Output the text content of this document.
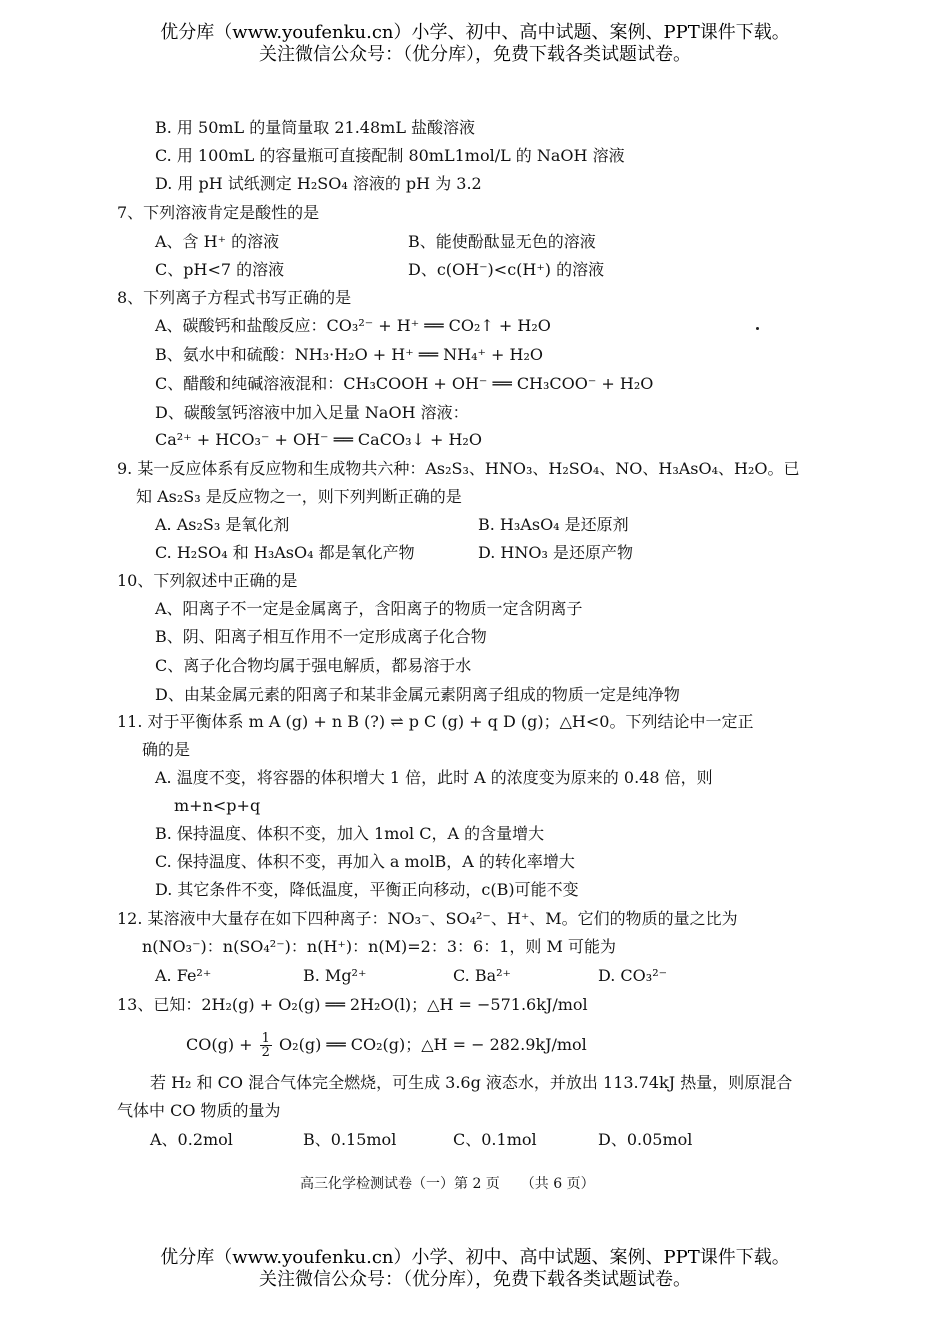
优分库（www.youfenku.cn）小学、初中、高中试题、案例、PPT课件下载。
关注微信公众号：（优分库），免费下载各类试题试卷。
B. 用 50mL 的量筒量取 21.48mL 盐酸溶液
C. 用 100mL 的容量瓶可直接配制 80mL1mol/L 的 NaOH 溶液
D. 用 pH 试纸测定 H₂SO₄ 溶液的 pH 为 3.2
7、下列溶液肯定是酸性的是
A、含 H⁺ 的溶液	B、能使酚酞显无色的溶液
C、pH<7 的溶液	D、c(OH⁻)<c(H⁺) 的溶液
8、下列离子方程式书写正确的是
A、碳酸钙和盐酸反应：CO₃²⁻ + H⁺ ══ CO₂↑ + H₂O
B、氨水中和硫酸：NH₃·H₂O + H⁺ ══ NH₄⁺ + H₂O
C、醋酸和纯碱溶液混和：CH₃COOH + OH⁻ ══ CH₃COO⁻ + H₂O
D、碳酸氢钙溶液中加入足量 NaOH 溶液：
Ca²⁺ + HCO₃⁻ + OH⁻ ══ CaCO₃↓ + H₂O
9. 某一反应体系有反应物和生成物共六种：As₂S₃、HNO₃、H₂SO₄、NO、H₃AsO₄、H₂O。已
知 As₂S₃ 是反应物之一，则下列判断正确的是
A. As₂S₃ 是氧化剂	B. H₃AsO₄ 是还原剂
C. H₂SO₄ 和 H₃AsO₄ 都是氧化产物	D. HNO₃ 是还原产物
10、下列叙述中正确的是
A、阳离子不一定是金属离子，含阳离子的物质一定含阴离子
B、阴、阳离子相互作用不一定形成离子化合物
C、离子化合物均属于强电解质，都易溶于水
D、由某金属元素的阳离子和某非金属元素阴离子组成的物质一定是纯净物
11. 对于平衡体系 m A (g) + n B (?) ⇌ p C (g) + q D (g)；△H<0。下列结论中一定正
确的是
A. 温度不变，将容器的体积增大 1 倍，此时 A 的浓度变为原来的 0.48 倍，则
m+n<p+q
B. 保持温度、体积不变，加入 1mol C，A 的含量增大
C. 保持温度、体积不变，再加入 a molB，A 的转化率增大
D. 其它条件不变，降低温度，平衡正向移动，c(B)可能不变
12. 某溶液中大量存在如下四种离子：NO₃⁻、SO₄²⁻、H⁺、M。它们的物质的量之比为
n(NO₃⁻)：n(SO₄²⁻)：n(H⁺)：n(M)=2：3：6：1，则 M 可能为
A. Fe²⁺	B. Mg²⁺	C. Ba²⁺	D. CO₃²⁻
13、已知：2H₂(g) + O₂(g) ══ 2H₂O(l)；△H = −571.6kJ/mol
$CO(g) + \frac{1}{2} O_2(g)$ ══ CO₂(g)；△H = − 282.9kJ/mol
若 H₂ 和 CO 混合气体完全燃烧，可生成 3.6g 液态水，并放出 113.74kJ 热量，则原混合
气体中 CO 物质的量为
A、0.2mol	B、0.15mol	C、0.1mol	D、0.05mol
高三化学检测试卷（一）第 2 页　　（共 6 页）
优分库（www.youfenku.cn）小学、初中、高中试题、案例、PPT课件下载。
关注微信公众号：（优分库），免费下载各类试题试卷。
